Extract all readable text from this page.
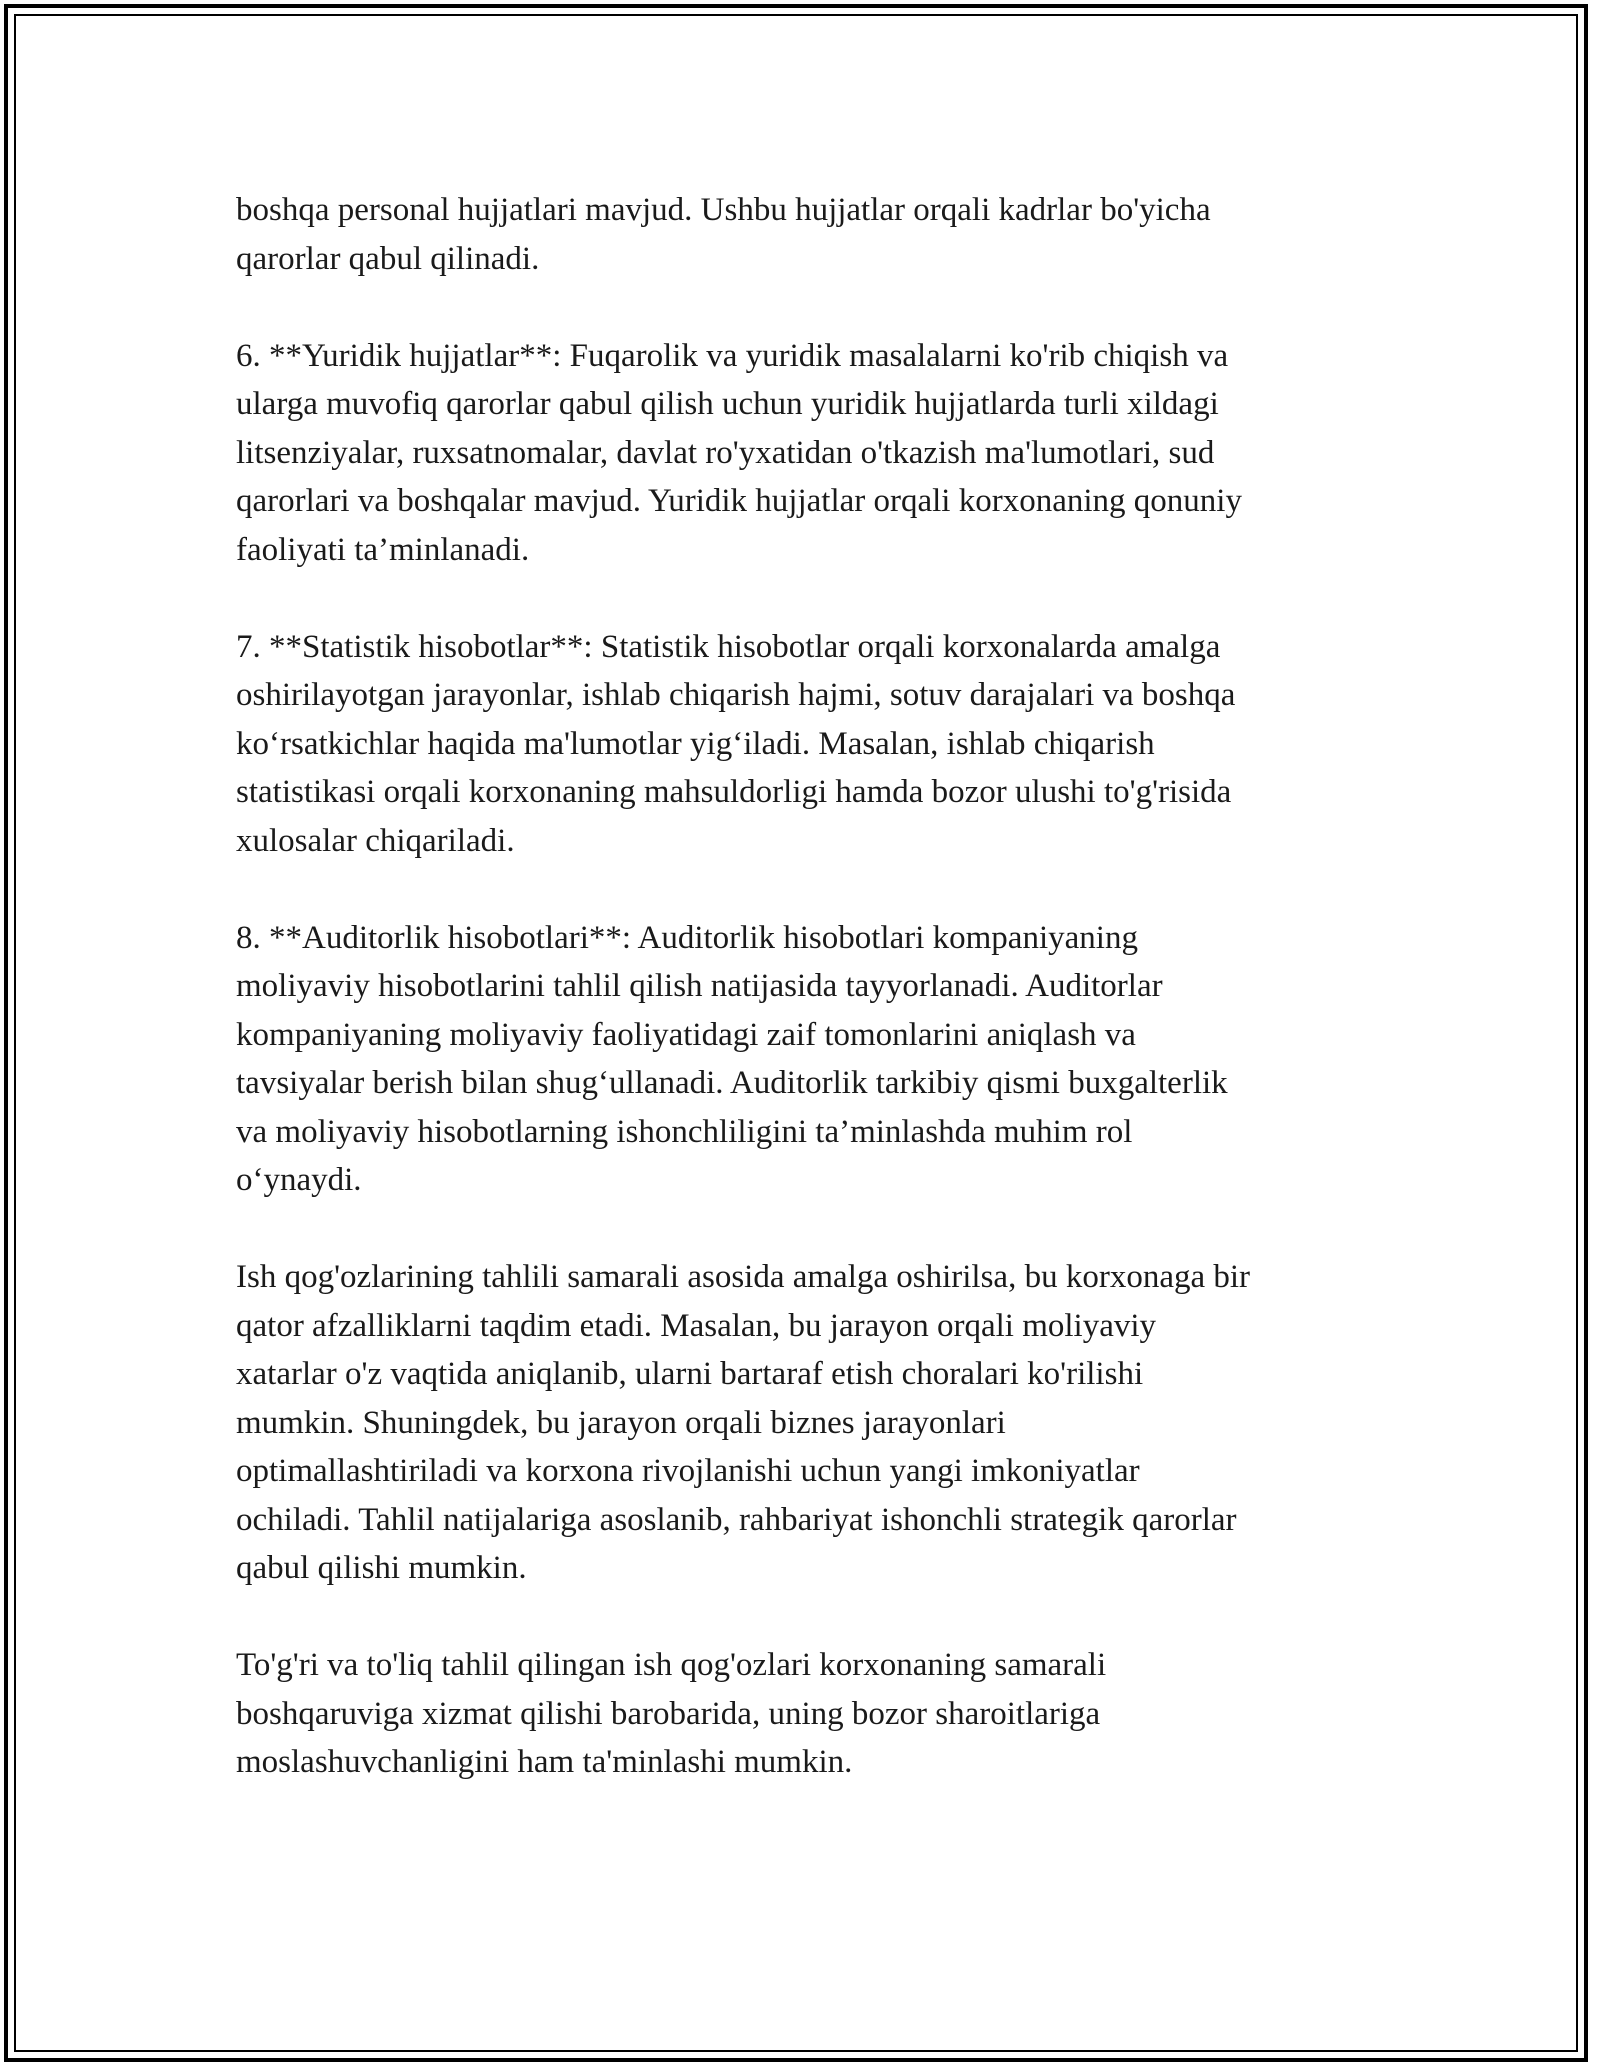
boshqa personal hujjatlari mavjud. Ushbu hujjatlar orqali kadrlar bo'yicha
qarorlar qabul qilinadi.

6. **Yuridik hujjatlar**: Fuqarolik va yuridik masalalarni ko'rib chiqish va
ularga muvofiq qarorlar qabul qilish uchun yuridik hujjatlarda turli xildagi
litsenziyalar, ruxsatnomalar, davlat ro'yxatidan o'tkazish ma'lumotlari, sud
qarorlari va boshqalar mavjud. Yuridik hujjatlar orqali korxonaning qonuniy
faoliyati ta’minlanadi.

7. **Statistik hisobotlar**: Statistik hisobotlar orqali korxonalarda amalga
oshirilayotgan jarayonlar, ishlab chiqarish hajmi, sotuv darajalari va boshqa
koʻrsatkichlar haqida ma'lumotlar yigʻiladi. Masalan, ishlab chiqarish
statistikasi orqali korxonaning mahsuldorligi hamda bozor ulushi to'g'risida
xulosalar chiqariladi.

8. **Auditorlik hisobotlari**: Auditorlik hisobotlari kompaniyaning
moliyaviy hisobotlarini tahlil qilish natijasida tayyorlanadi. Auditorlar
kompaniyaning moliyaviy faoliyatidagi zaif tomonlarini aniqlash va
tavsiyalar berish bilan shugʻullanadi. Auditorlik tarkibiy qismi buxgalterlik
va moliyaviy hisobotlarning ishonchliligini ta’minlashda muhim rol
oʻynaydi.

Ish qog'ozlarining tahlili samarali asosida amalga oshirilsa, bu korxonaga bir
qator afzalliklarni taqdim etadi. Masalan, bu jarayon orqali moliyaviy
xatarlar o'z vaqtida aniqlanib, ularni bartaraf etish choralari ko'rilishi
mumkin. Shuningdek, bu jarayon orqali biznes jarayonlari
optimallashtiriladi va korxona rivojlanishi uchun yangi imkoniyatlar
ochiladi. Tahlil natijalariga asoslanib, rahbariyat ishonchli strategik qarorlar
qabul qilishi mumkin.

To'g'ri va to'liq tahlil qilingan ish qog'ozlari korxonaning samarali
boshqaruviga xizmat qilishi barobarida, uning bozor sharoitlariga
moslashuvchanligini ham ta'minlashi mumkin.
